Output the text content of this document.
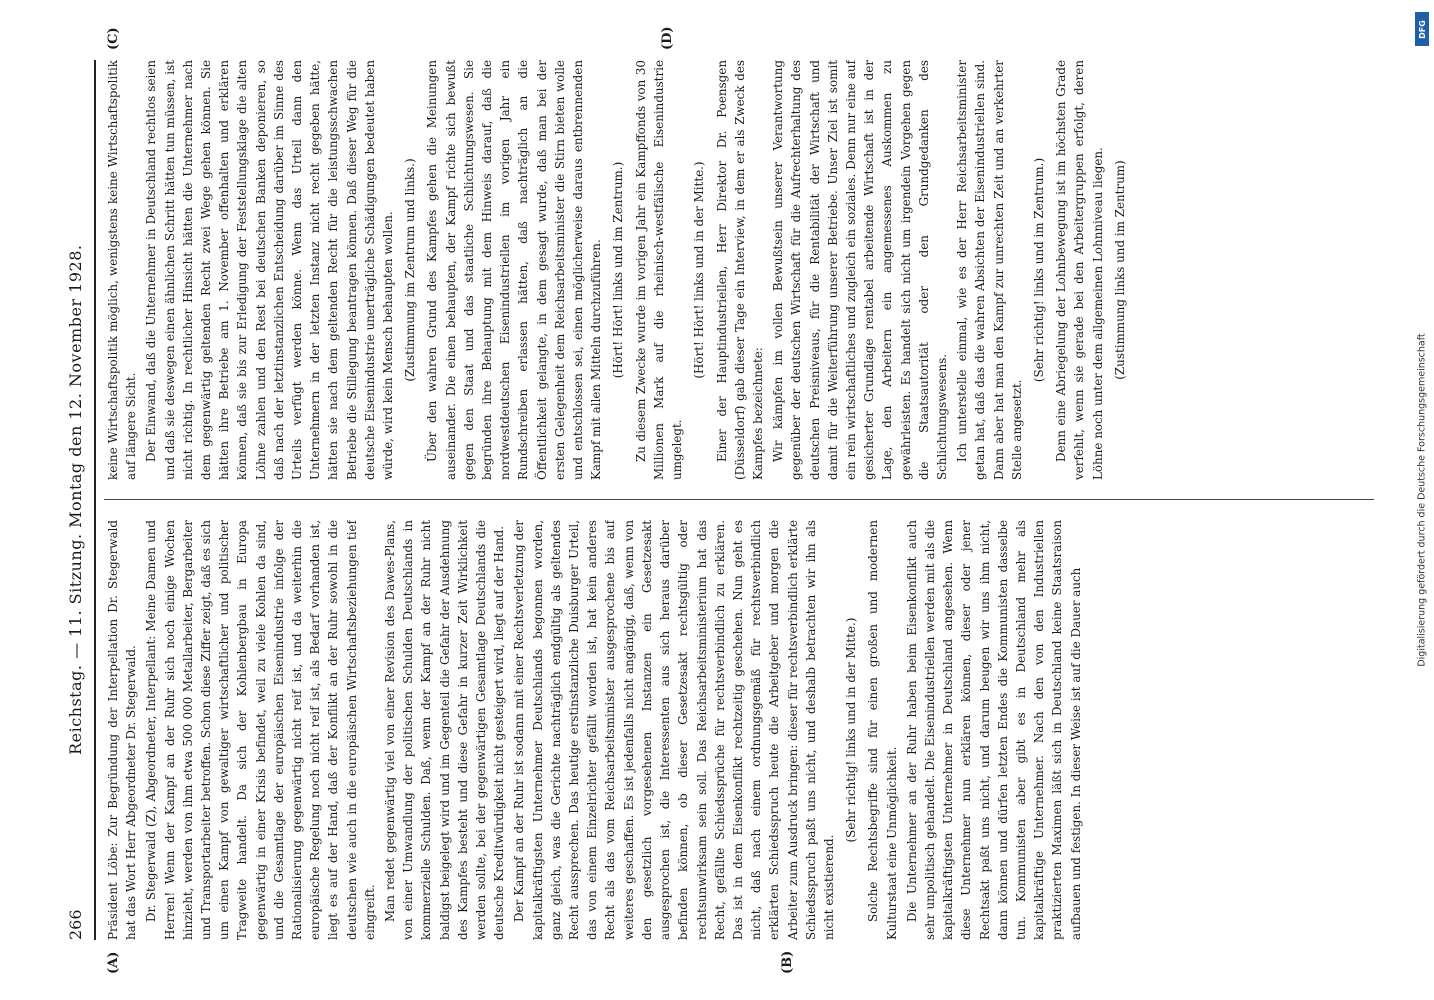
266
Reichstag. — 11. Sitzung. Montag den 12. November 1928.
(A)	(B)
(C)	(D)

Präsident Löbe: Zur Begründung der Interpellation Dr. Stegerwald hat das Wort Herr Abgeordneter Dr. Stegerwald. Dr. Stegerwald (Z), Abgeordneter, Interpellant: Meine Damen und Herren! Wenn der Kampf an der Ruhr sich noch einige Wochen hinzieht, werden von ihm etwa 500 000 Metallarbeiter, Bergarbeiter und Transportarbeiter betroffen. Schon diese Ziffer zeigt, daß es sich um einen Kampf von gewaltiger wirtschaftlicher und politischer Tragweite handelt. Da sich der Kohlenbergbau in Europa gegenwärtig in einer Krisis befindet, weil zu viele Kohlen da sind, und die Gesamtlage der europäischen Eisenindustrie infolge der Rationalisierung gegenwärtig nicht reif ist, und da weiterhin die europäische Regelung noch nicht reif ist, als Bedarf vorhanden ist, liegt es auf der Hand, daß der Konflikt an der Ruhr sowohl in die deutschen wie auch in die europäischen Wirtschaftsbeziehungen tief eingreift. Man redet gegenwärtig viel von einer Revision des Dawes-Plans, von einer Umwandlung der politischen Schulden Deutschlands in kommerzielle Schulden. Daß, wenn der Kampf an der Ruhr nicht baldigst beigelegt wird und im Gegenteil die Gefahr der Ausdehnung des Kampfes besteht und diese Gefahr in kurzer Zeit Wirklichkeit werden sollte, bei der gegenwärtigen Gesamtlage Deutschlands die deutsche Kreditwürdigkeit nicht gesteigert wird, liegt auf der Hand. Der Kampf an der Ruhr ist sodann mit einer Rechtsverletzung der kapitalkräftigsten Unternehmer Deutschlands begonnen worden, ganz gleich, was die Gerichte nachträglich endgültig als geltendes Recht aussprechen. Das heutige erstinstanzliche Duisburger Urteil, das von einem Einzelrichter gefällt worden ist, hat kein anderes Recht als das vom Reichsarbeitsminister ausgesprochene bis auf weiteres geschaffen. Es ist jedenfalls nicht angängig, daß, wenn von den gesetzlich vorgesehenen Instanzen ein Gesetzesakt ausgesprochen ist, die Interessenten aus sich heraus darüber befinden können, ob dieser Gesetzesakt rechtsgültig oder rechtsunwirksam sein soll. Das Reichsarbeitsministerium hat das Recht, gefällte Schiedssprüche für rechtsverbindlich zu erklären. Das ist in dem Eisenkonflikt rechtzeitig geschehen. Nun geht es nicht, daß nach einem ordnungsgemäß für rechtsverbindlich erklärten Schiedsspruch heute die Arbeitgeber und morgen die Arbeiter zum Ausdruck bringen: dieser für rechtsverbindlich erklärte Schiedsspruch paßt uns nicht, und deshalb betrachten wir ihn als nicht existierend.

(Sehr richtig! links und in der Mitte.) Solche Rechtsbegriffe sind für einen großen und modernen Kulturstaat eine Unmöglichkeit. Die Unternehmer an der Ruhr haben beim Eisenkonflikt auch sehr unpolitisch gehandelt. Die Eisenindustriellen werden mit als die kapitalkräftigsten Unternehmer in Deutschland angesehen. Wenn diese Unternehmer nun erklären können, dieser oder jener Rechtsakt paßt uns nicht, und darum beugen wir uns ihm nicht, dann können und dürfen letzten Endes die Kommunisten dasselbe tun. Kommunisten aber gibt es in Deutschland mehr als kapitalkräftige Unternehmer. Nach den von den Industriellen praktizierten Maximen läßt sich in Deutschland keine Staatsraison aufbauen und festigen. In dieser Weise ist auf die Dauer auch

keine Wirtschaftspolitik möglich, wenigstens keine Wirtschaftspolitik auf längere Sicht. Der Einwand, daß die Unternehmer in Deutschland rechtlos seien und daß sie deswegen einen ähnlichen Schritt hätten tun müssen, ist nicht richtig. In rechtlicher Hinsicht hätten die Unternehmer nach dem gegenwärtig geltenden Recht zwei Wege gehen können. Sie hätten ihre Betriebe am 1. November offenhalten und erklären können, daß sie bis zur Erledigung der Feststellungsklage die alten Löhne zahlen und den Rest bei deutschen Banken deponieren, so daß nach der letztinstanzlichen Entscheidung darüber im Sinne des Urteils verfügt werden könne. Wenn das Urteil dann den Unternehmern in der letzten Instanz nicht recht gegeben hätte, hätten sie nach dem geltenden Recht für die leistungsschwachen Betriebe die Stillegung beantragen können. Daß dieser Weg für die deutsche Eisenindustrie unerträgliche Schädigungen bedeutet haben würde, wird kein Mensch behaupten wollen. (Zustimmung im Zentrum und links.) Über den wahren Grund des Kampfes gehen die Meinungen auseinander. Die einen behaupten, der Kampf richte sich bewußt gegen den Staat und das staatliche Schlichtungswesen. Sie begründen ihre Behauptung mit dem Hinweis darauf, daß die nordwestdeutschen Eisenindustriellen im vorigen Jahr ein Rundschreiben erlassen hätten, daß nachträglich an die Öffentlichkeit gelangte, in dem gesagt wurde, daß man bei der ersten Gelegenheit dem Reichsarbeitsminister die Stirn bieten wolle und entschlossen sei, einen möglicherweise daraus entbrennenden Kampf mit allen Mitteln durchzuführen. (Hört! Hört! links und im Zentrum.) Zu diesem Zwecke wurde im vorigen Jahr ein Kampffonds von 30 Millionen Mark auf die rheinisch-westfälische Eisenindustrie umgelegt.

(Hört! Hört! links und in der Mitte.) Einer der Hauptindustriellen, Herr Direktor Dr. Poensgen (Düsseldorf) gab dieser Tage ein Interview, in dem er als Zweck des Kampfes bezeichnete: Wir kämpfen im vollen Bewußtsein unserer Verantwortung gegenüber der deutschen Wirtschaft für die Aufrechterhaltung des deutschen Preisniveaus, für die Rentabilität der Wirtschaft und damit für die Weiterführung unserer Betriebe. Unser Ziel ist somit ein rein wirtschaftliches und zugleich ein soziales. Denn nur eine auf gesicherter Grundlage rentabel arbeitende Wirtschaft ist in der Lage, den Arbeitern ein angemessenes Auskommen zu gewährleisten. Es handelt sich nicht um irgendein Vorgehen gegen die Staatsautorität oder den Grundgedanken des Schlichtungswesens. Ich unterstelle einmal, wie es der Herr Reichsarbeitsminister getan hat, daß das die wahren Absichten der Eisenindustriellen sind. Dann aber hat man den Kampf zur unrechten Zeit und an verkehrter Stelle angesetzt.

(Sehr richtig! links und im Zentrum.) Denn eine Abriegelung der Lohnbewegung ist im höchsten Grade verfehlt, wenn sie gerade bei den Arbeitergruppen erfolgt, deren Löhne noch unter dem allgemeinen Lohnniveau liegen. (Zustimmung links und im Zentrum)

DFG
Digitalisierung gefördert durch die Deutsche Forschungsgemeinschaft
